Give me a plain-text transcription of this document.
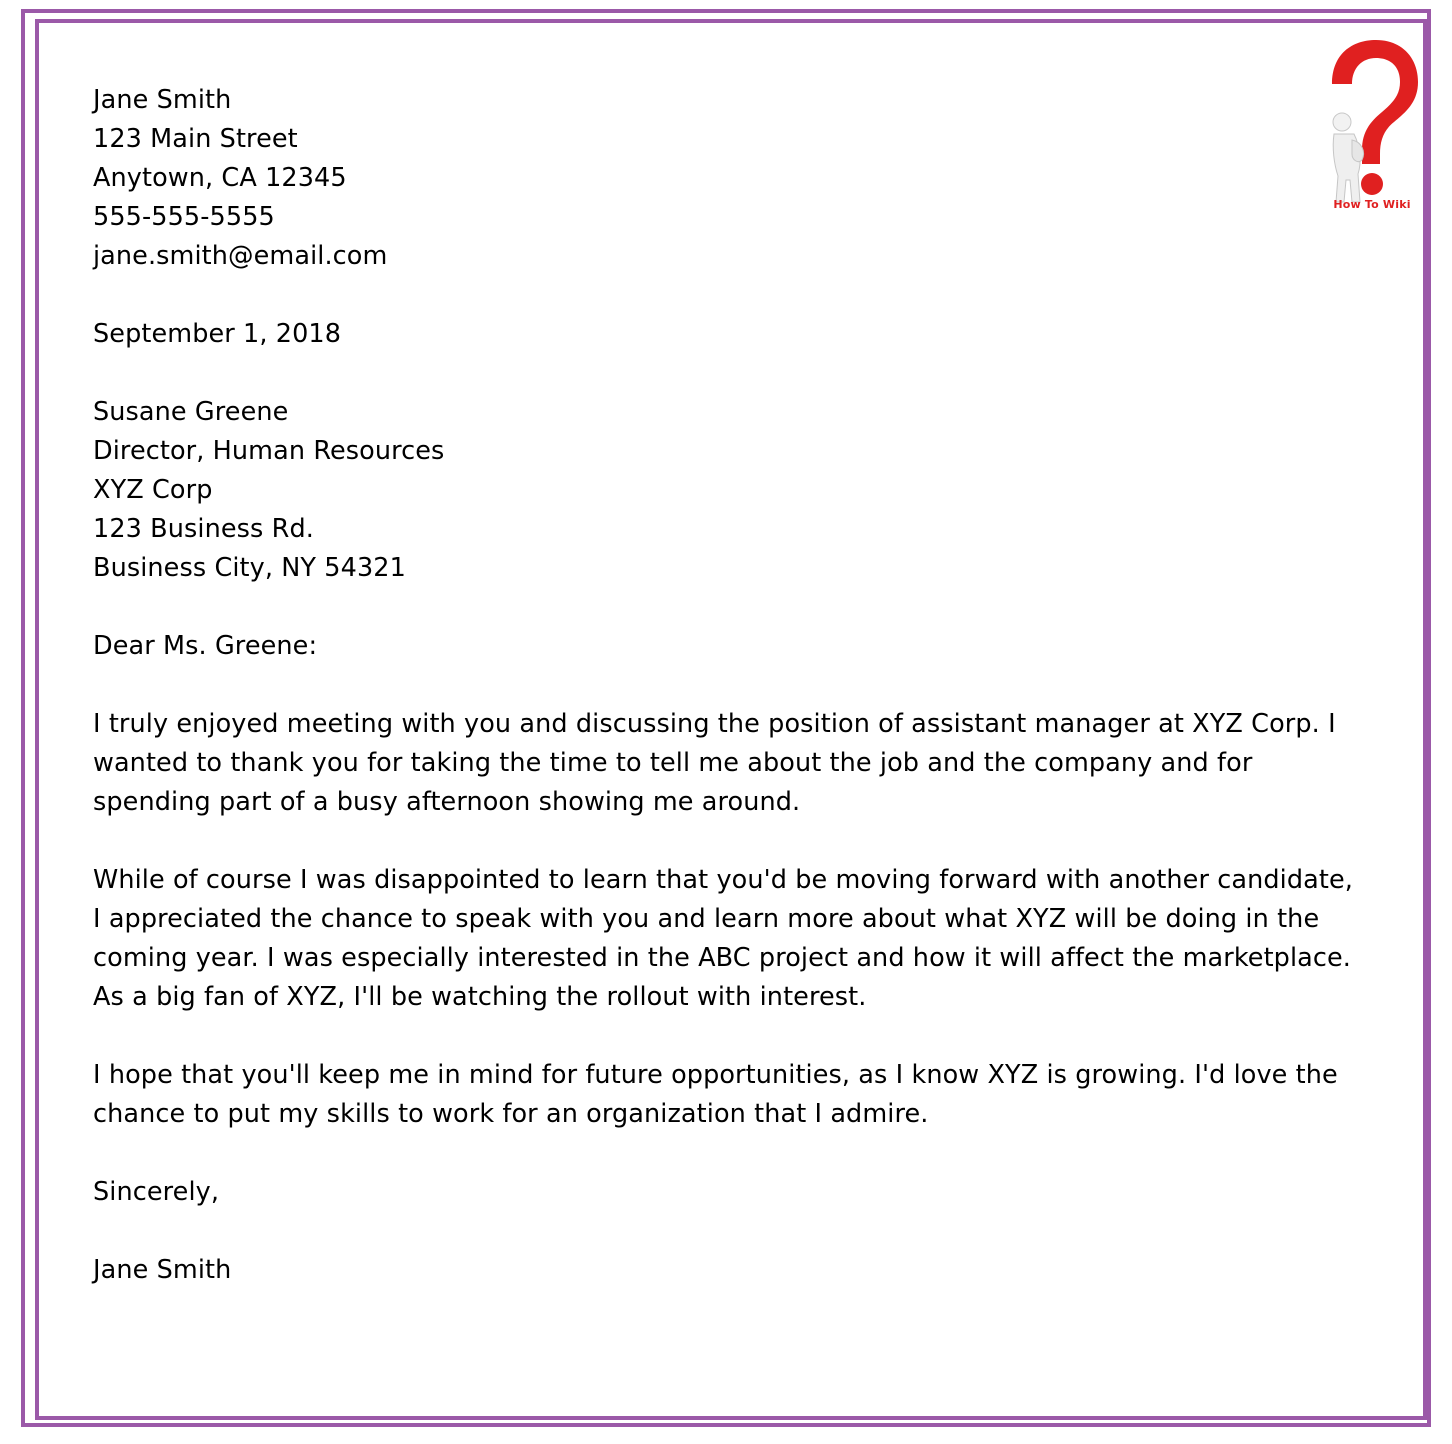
Jane Smith
123 Main Street
Anytown, CA 12345
555-555-5555
jane.smith@email.com
September 1, 2018
Susane Greene
Director, Human Resources
XYZ Corp
123 Business Rd.
Business City, NY 54321
Dear Ms. Greene:
I truly enjoyed meeting with you and discussing the position of assistant manager at XYZ Corp. I
wanted to thank you for taking the time to tell me about the job and the company and for
spending part of a busy afternoon showing me around.
While of course I was disappointed to learn that you'd be moving forward with another candidate,
I appreciated the chance to speak with you and learn more about what XYZ will be doing in the
coming year. I was especially interested in the ABC project and how it will affect the marketplace.
As a big fan of XYZ, I'll be watching the rollout with interest.
I hope that you'll keep me in mind for future opportunities, as I know XYZ is growing. I'd love the
chance to put my skills to work for an organization that I admire.
Sincerely,
Jane Smith
How To Wiki
